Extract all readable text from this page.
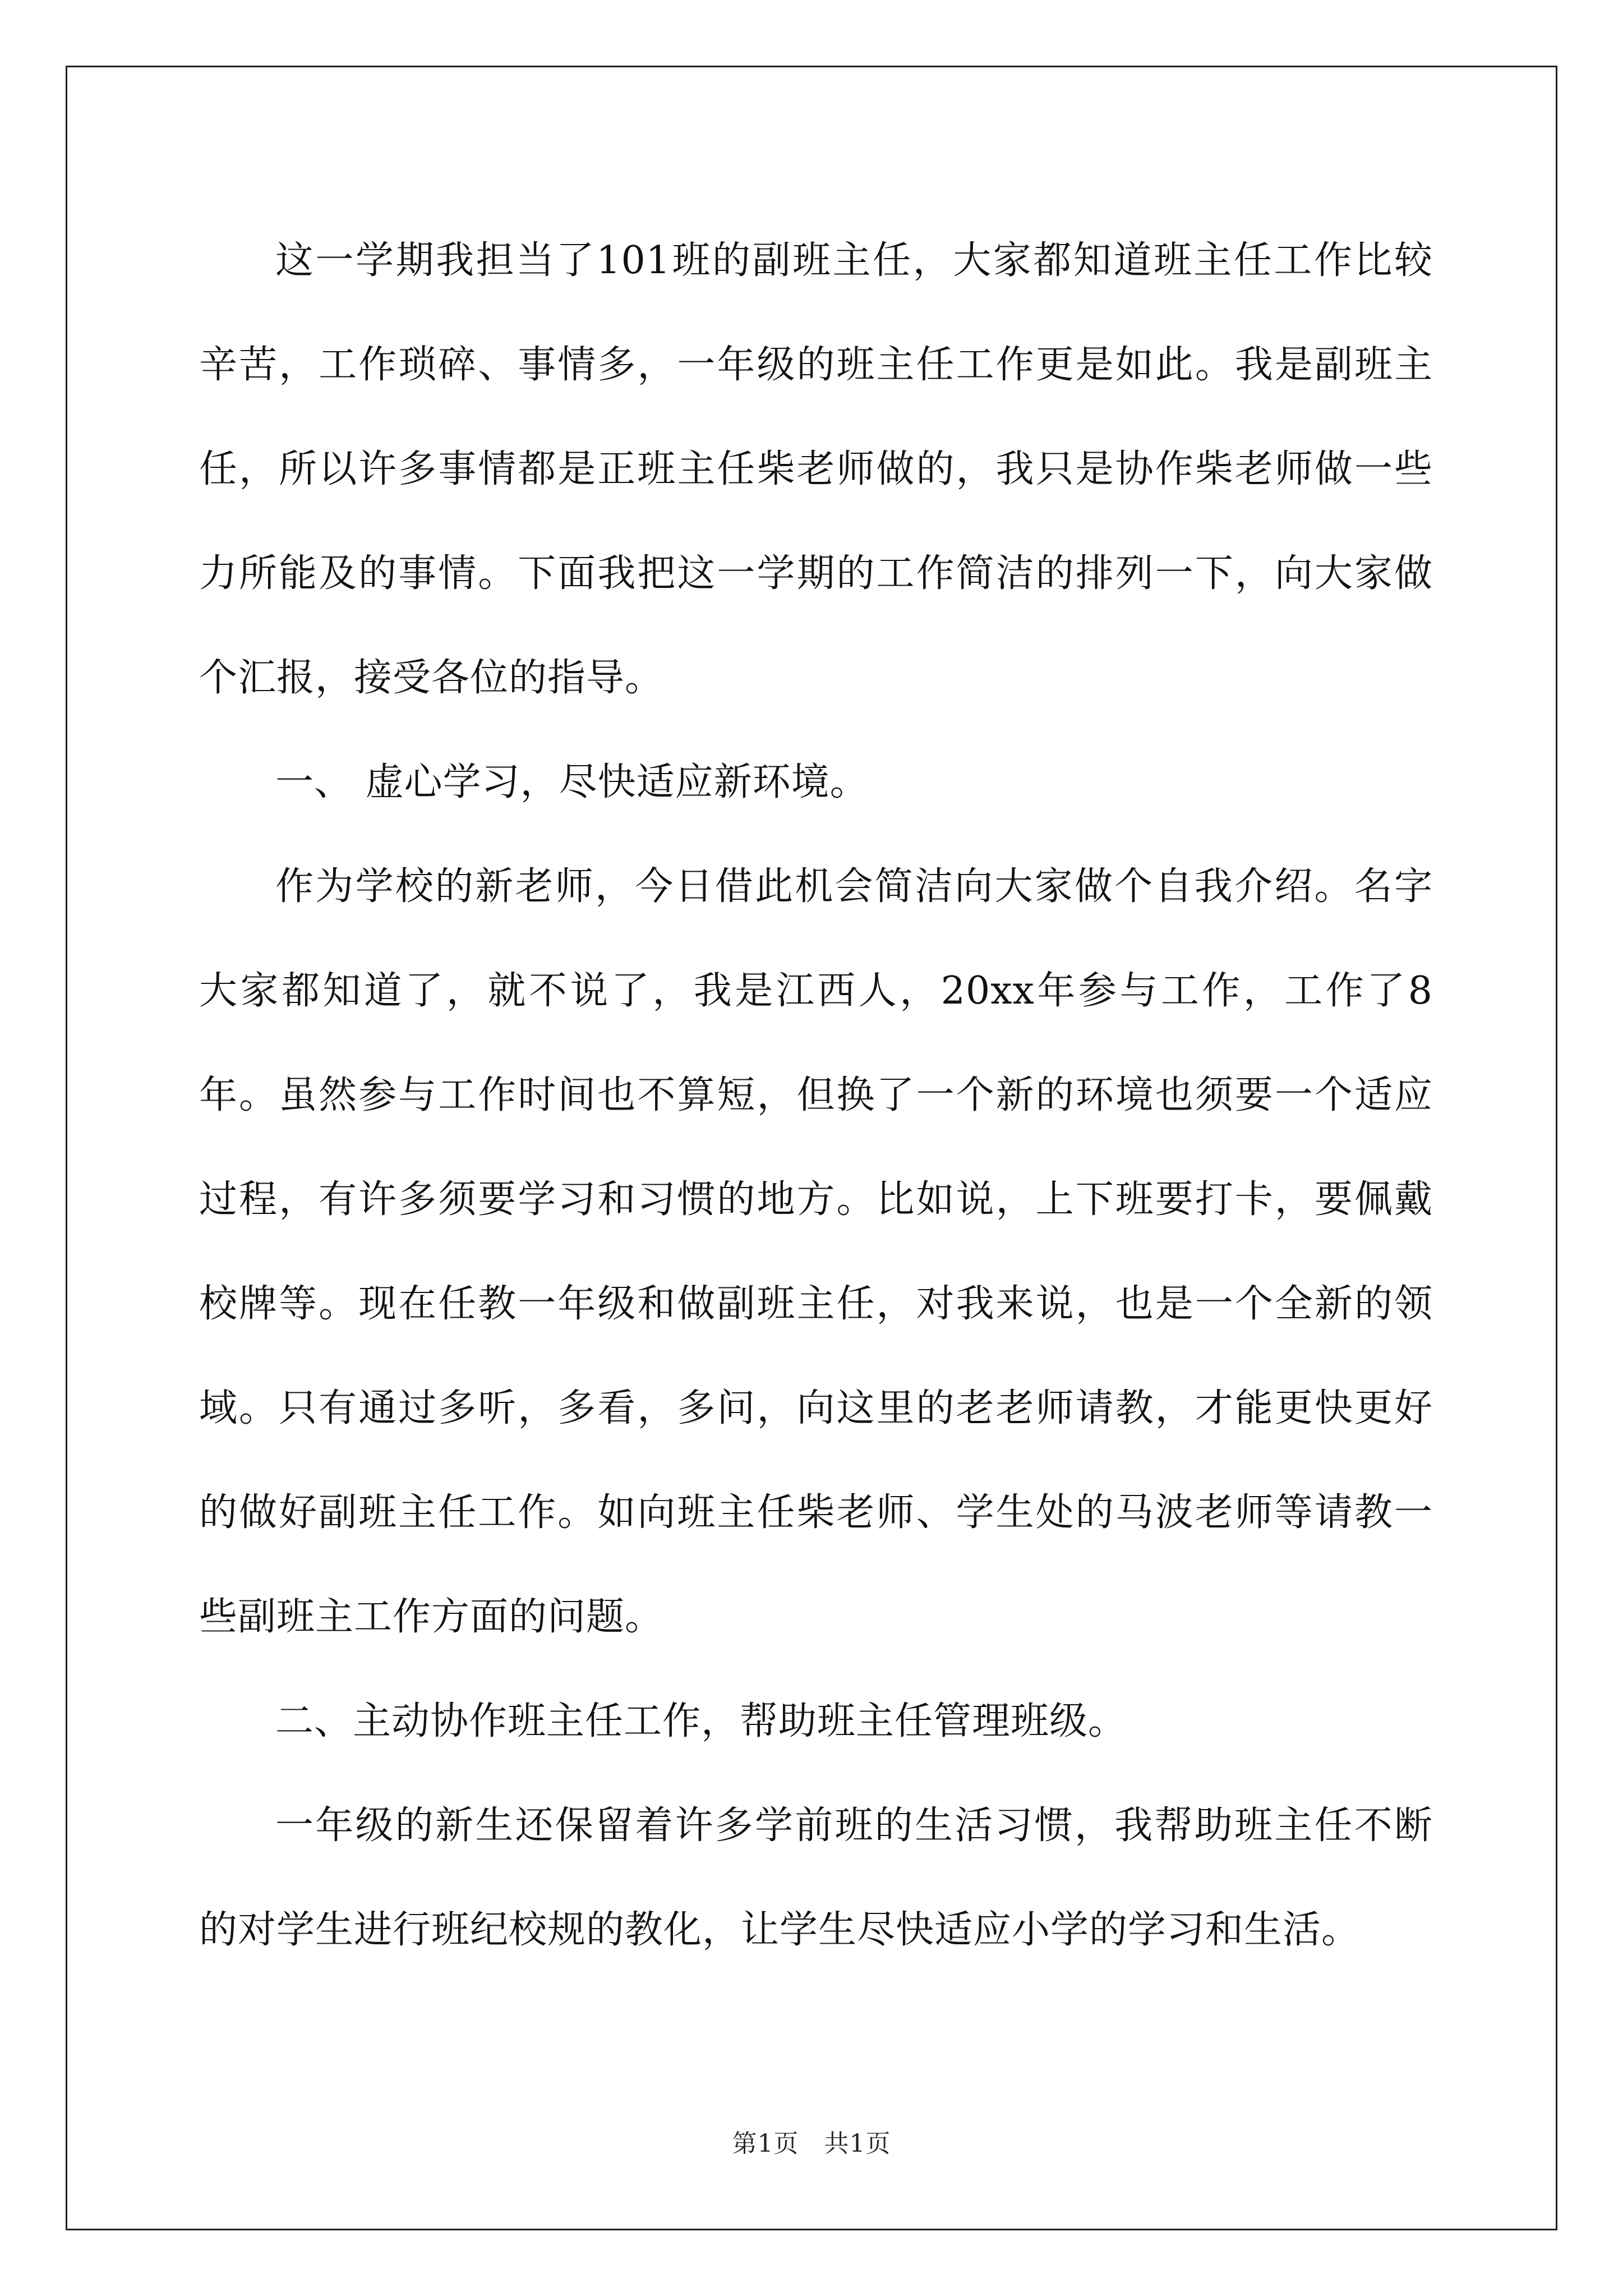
这一学期我担当了101班的副班主任，大家都知道班主任工作比较辛苦，工作琐碎、事情多，一年级的班主任工作更是如此。我是副班主任，所以许多事情都是正班主任柴老师做的，我只是协作柴老师做一些力所能及的事情。下面我把这一学期的工作简洁的排列一下，向大家做个汇报，接受各位的指导。

一、 虚心学习，尽快适应新环境。

作为学校的新老师，今日借此机会简洁向大家做个自我介绍。名字大家都知道了，就不说了，我是江西人，20xx年参与工作，工作了8年。虽然参与工作时间也不算短，但换了一个新的环境也须要一个适应过程，有许多须要学习和习惯的地方。比如说，上下班要打卡，要佩戴校牌等。现在任教一年级和做副班主任，对我来说，也是一个全新的领域。只有通过多听，多看，多问，向这里的老老师请教，才能更快更好的做好副班主任工作。如向班主任柴老师、学生处的马波老师等请教一些副班主工作方面的问题。

二、主动协作班主任工作，帮助班主任管理班级。

一年级的新生还保留着许多学前班的生活习惯，我帮助班主任不断的对学生进行班纪校规的教化，让学生尽快适应小学的学习和生活。

第1页　共1页
